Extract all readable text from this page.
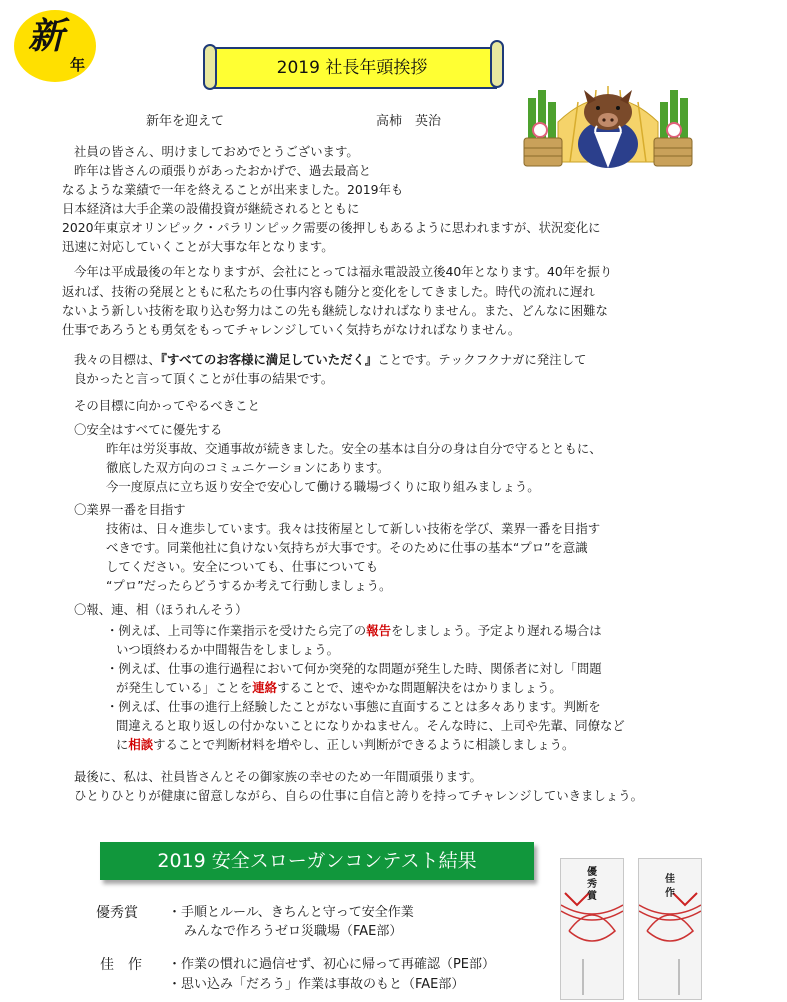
新
年	2019 社長年頭挨拶
新年を迎えて	高柿　英治
社員の皆さん、明けましておめでとうございます。
昨年は皆さんの頑張りがあったおかげで、過去最高と
なるような業績で一年を終えることが出来ました。2019年も
日本経済は大手企業の設備投資が継続されるとともに
2020年東京オリンピック・パラリンピック需要の後押しもあるように思われますが、状況変化に
迅速に対応していくことが大事な年となります。
今年は平成最後の年となりますが、会社にとっては福永電設設立後40年となります。40年を振り
返れば、技術の発展とともに私たちの仕事内容も随分と変化をしてきました。時代の流れに遅れ
ないよう新しい技術を取り込む努力はこの先も継続しなければなりません。また、どんなに困難な
仕事であろうとも勇気をもってチャレンジしていく気持ちがなければなりません。
我々の目標は、『すべてのお客様に満足していただく』ことです。テックフクナガに発注して
良かったと言って頂くことが仕事の結果です。
その目標に向かってやるべきこと
〇安全はすべてに優先する
昨年は労災事故、交通事故が続きました。安全の基本は自分の身は自分で守るとともに、
徹底した双方向のコミュニケーションにあります。
今一度原点に立ち返り安全で安心して働ける職場づくりに取り組みましょう。
〇業界一番を目指す
技術は、日々進歩しています。我々は技術屋として新しい技術を学び、業界一番を目指す
べきです。同業他社に負けない気持ちが大事です。そのために仕事の基本“プロ”を意識
してください。安全についても、仕事についても
“プロ”だったらどうするか考えて行動しましょう。
〇報、連、相（ほうれんそう）
・例えば、上司等に作業指示を受けたら完了の報告をしましょう。予定より遅れる場合は
いつ頃終わるか中間報告をしましょう。
・例えば、仕事の進行過程において何か突発的な問題が発生した時、関係者に対し「問題
が発生している」ことを連絡することで、速やかな問題解決をはかりましょう。
・例えば、仕事の進行上経験したことがない事態に直面することは多々あります。判断を
間違えると取り返しの付かないことになりかねません。そんな時に、上司や先輩、同僚など
に相談することで判断材料を増やし、正しい判断ができるように相談しましょう。
最後に、私は、社員皆さんとその御家族の幸せのため一年間頑張ります。
ひとりひとりが健康に留意しながら、自らの仕事に自信と誇りを持ってチャレンジしていきましょう。
2019 安全スローガンコンテスト結果
優秀賞 ・手順とルール、きちんと守って安全作業
みんなで作ろうゼロ災職場（FAE部）
佳　作 ・作業の慣れに過信せず、初心に帰って再確認（PE部）
・思い込み「だろう」作業は事故のもと（FAE部）
優秀賞
佳作
